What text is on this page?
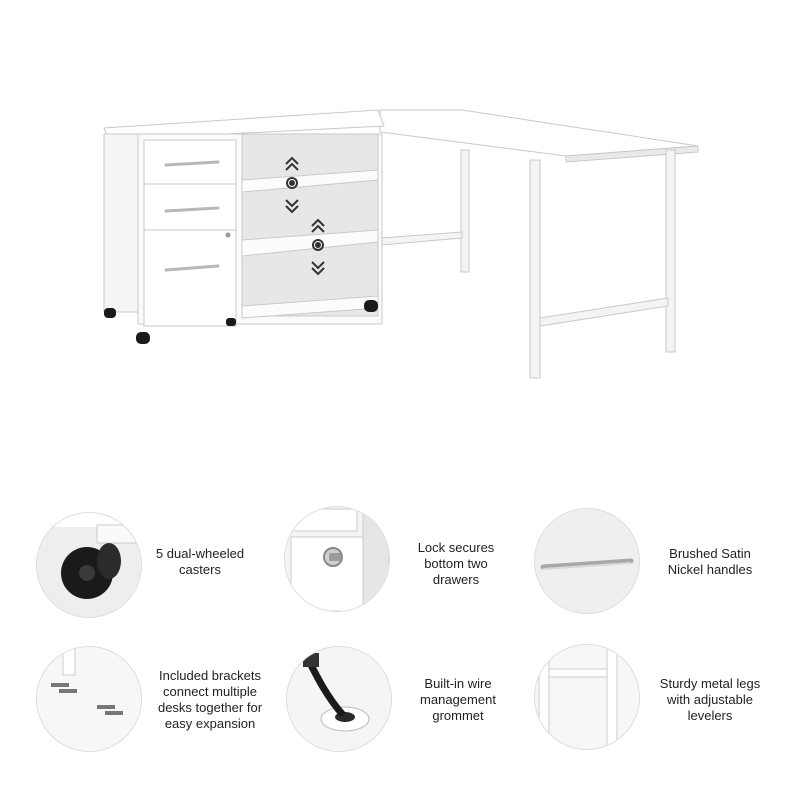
5 dual-wheeled
casters
Lock secures
bottom two
drawers
Brushed Satin
Nickel handles
Included brackets
connect multiple
desks together for
easy expansion
Built-in wire
management
grommet
Sturdy metal legs
with adjustable
levelers
